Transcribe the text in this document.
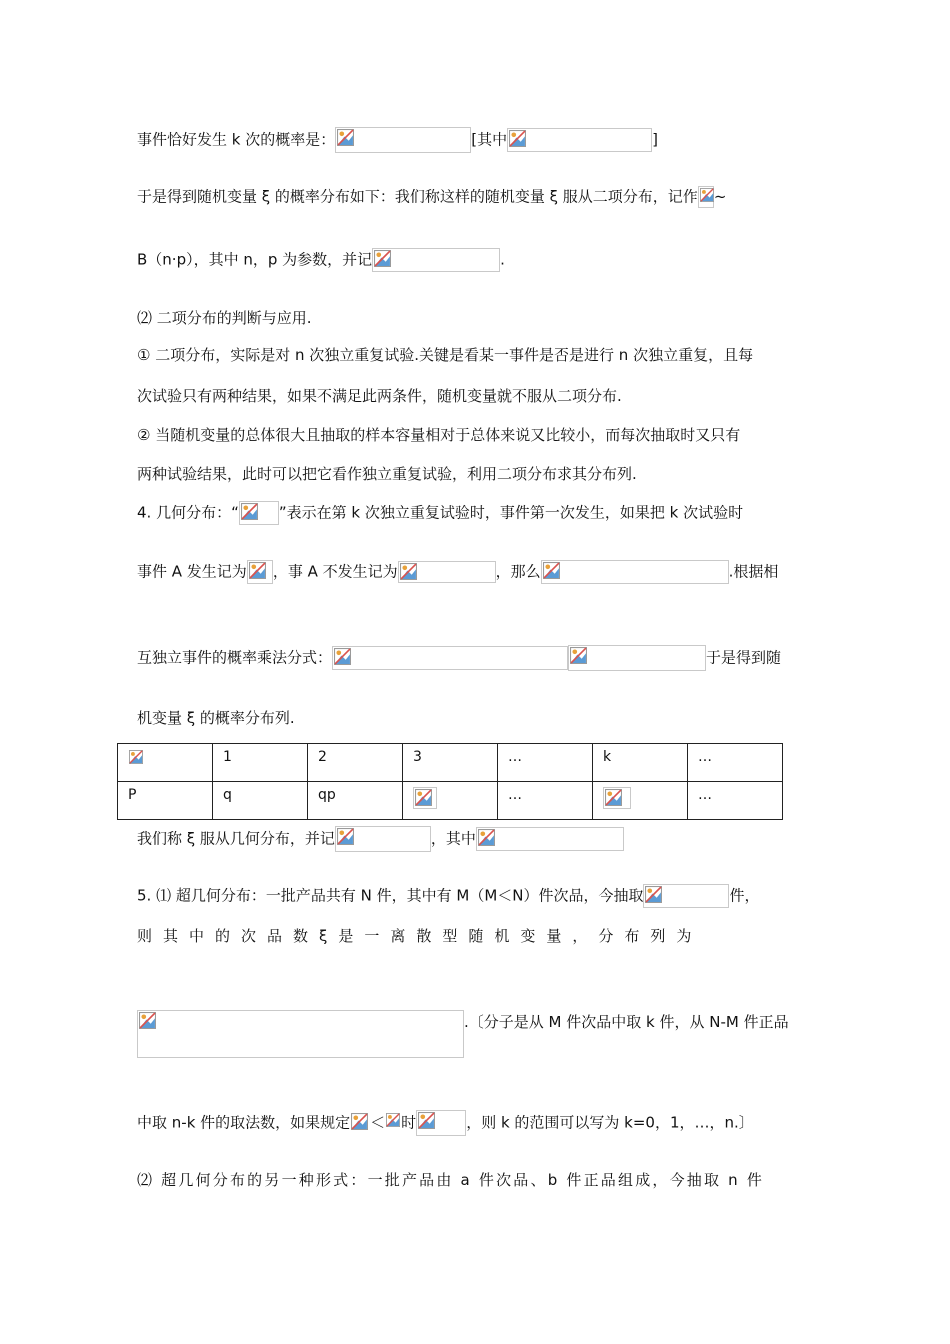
事件恰好发生 k 次的概率是：	[其中	]
于是得到随机变量 ξ 的概率分布如下：我们称这样的随机变量 ξ 服从二项分布，记作 ~
B（n·p），其中 n，p 为参数，并记	.
⑵ 二项分布的判断与应用.
① 二项分布，实际是对 n 次独立重复试验.关键是看某一事件是否是进行 n 次独立重复，且每
次试验只有两种结果，如果不满足此两条件，随机变量就不服从二项分布.
② 当随机变量的总体很大且抽取的样本容量相对于总体来说又比较小，而每次抽取时又只有
两种试验结果，此时可以把它看作独立重复试验，利用二项分布求其分布列.
4. 几何分布：“	”表示在第 k 次独立重复试验时，事件第一次发生，如果把 k 次试验时
事件 A 发生记为 ，事 A 不发生记为	，那么	.根据相
互独立事件的概率乘法分式：	于是得到随
机变量 ξ 的概率分布列.
	1	2	3	…	k	…
P	q	qp		…		…
我们称 ξ 服从几何分布，并记	，其中
5. ⑴ 超几何分布：一批产品共有 N 件，其中有 M（M＜N）件次品，今抽取	件，
则其中的次品数ξ是一离散型随机变量，分布列为
.〔分子是从 M 件次品中取 k 件，从 N-M 件正品
中取 n-k 件的取法数，如果规定 ＜ 时	，则 k 的范围可以写为 k=0，1，…，n.〕
⑵ 超几何分布的另一种形式：一批产品由 a 件次品、b 件正品组成，今抽取 n 件
